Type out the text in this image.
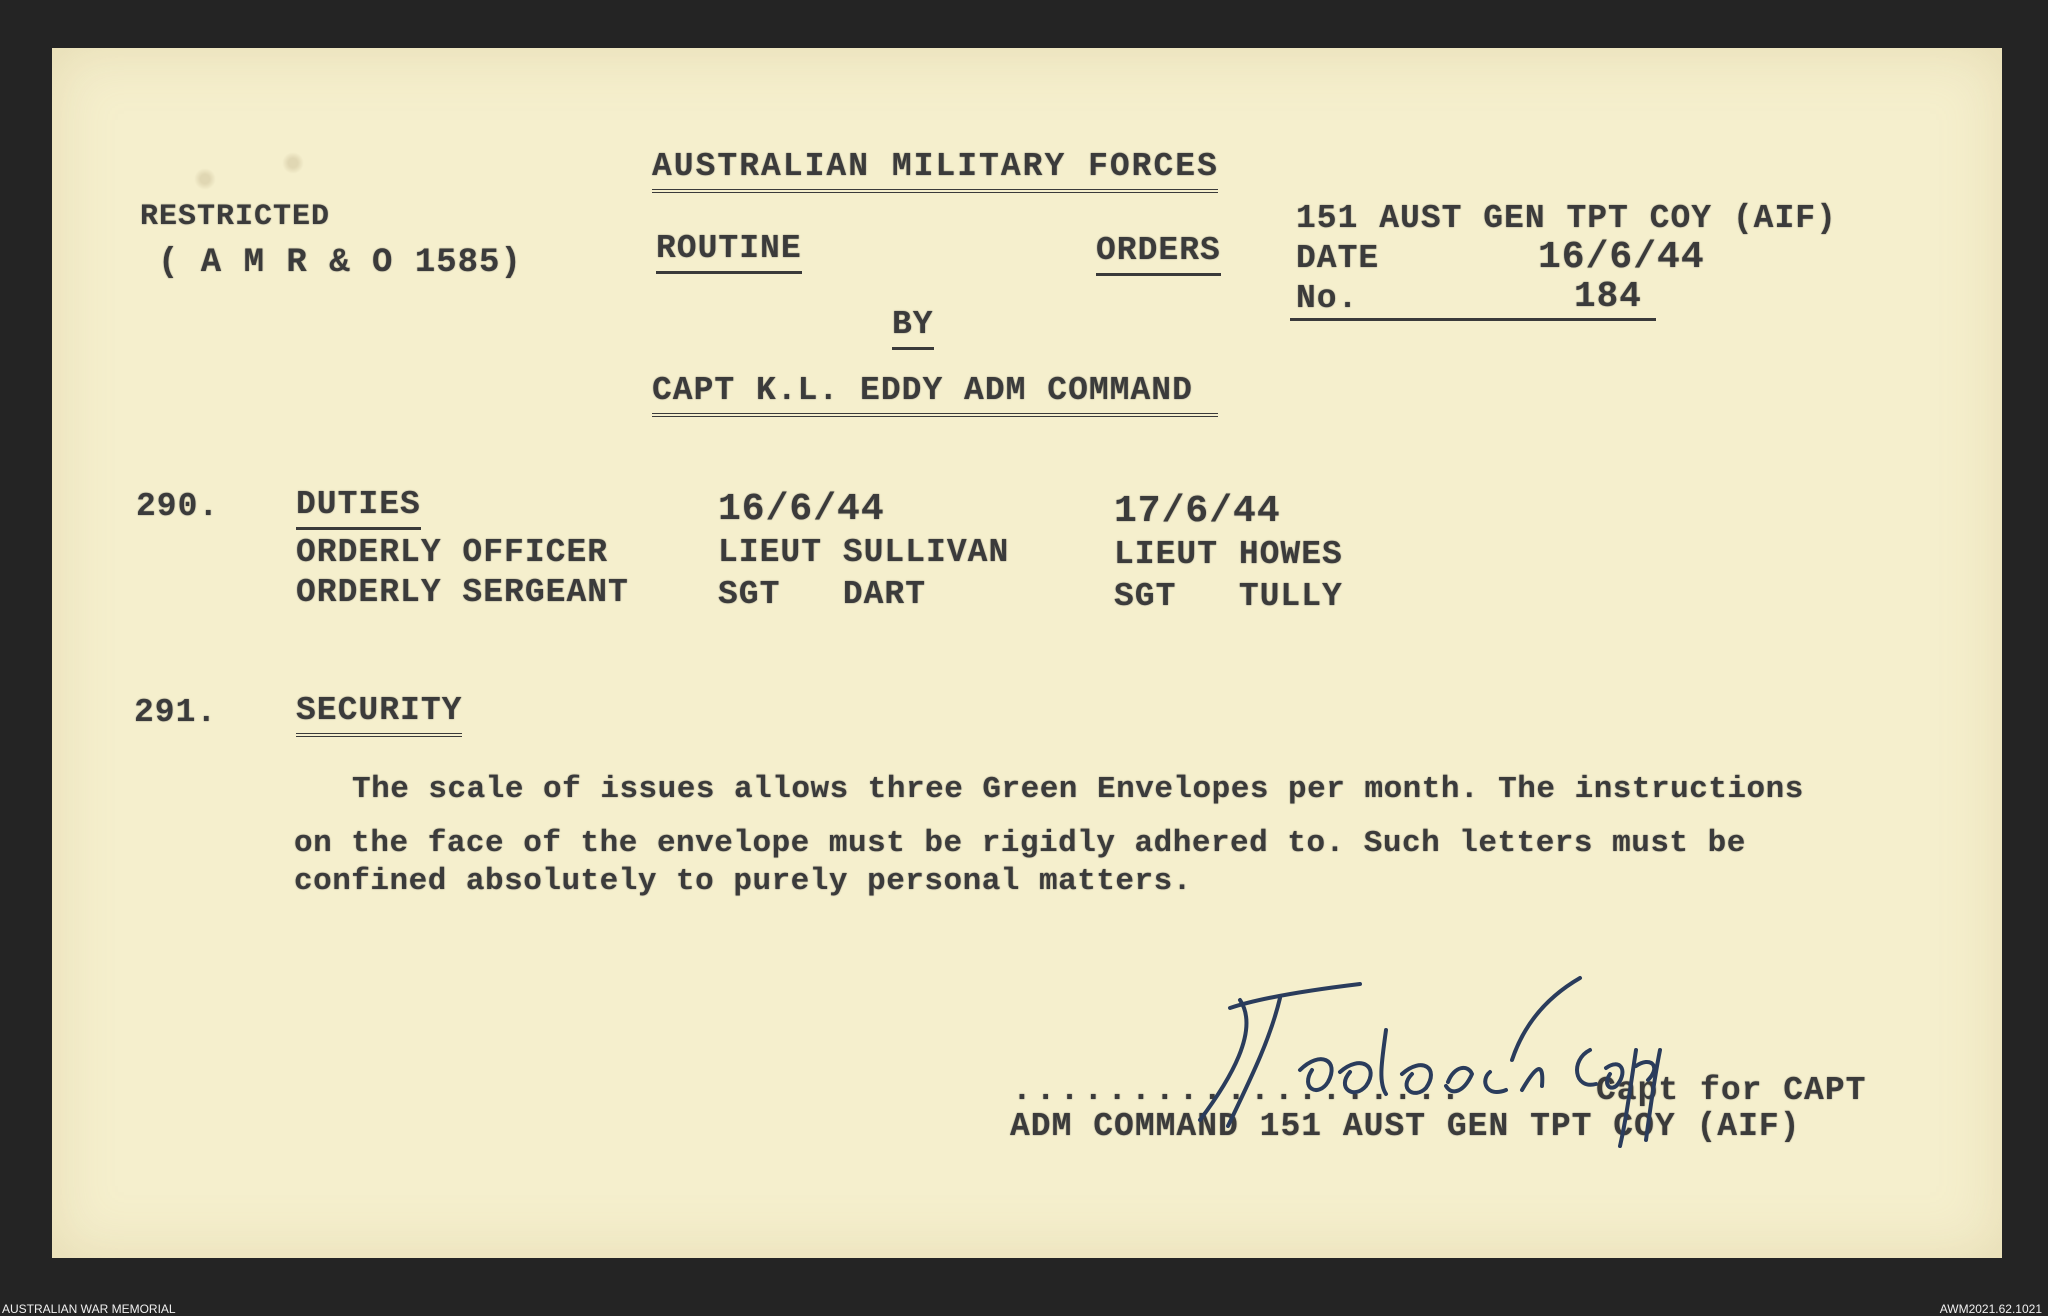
RESTRICTED
( A M R & O 1585)
AUSTRALIAN MILITARY FORCES
ROUTINE	ORDERS
BY
CAPT K.L. EDDY ADM COMMAND
151 AUST GEN TPT COY (AIF)
DATE	16/6/44
No.	184
290. DUTIES	16/6/44	17/6/44
ORDERLY OFFICER	LIEUT SULLIVAN	LIEUT HOWES
ORDERLY SERGEANT	SGT   DART	SGT   TULLY
291. SECURITY
The scale of issues allows three Green Envelopes per month. The instructions
on the face of the envelope must be rigidly adhered to. Such letters must be
confined absolutely to purely personal matters.
...................	Capt for CAPT
ADM COMMAND 151 AUST GEN TPT COY (AIF)
AUSTRALIAN WAR MEMORIAL	AWM2021.62.1021
